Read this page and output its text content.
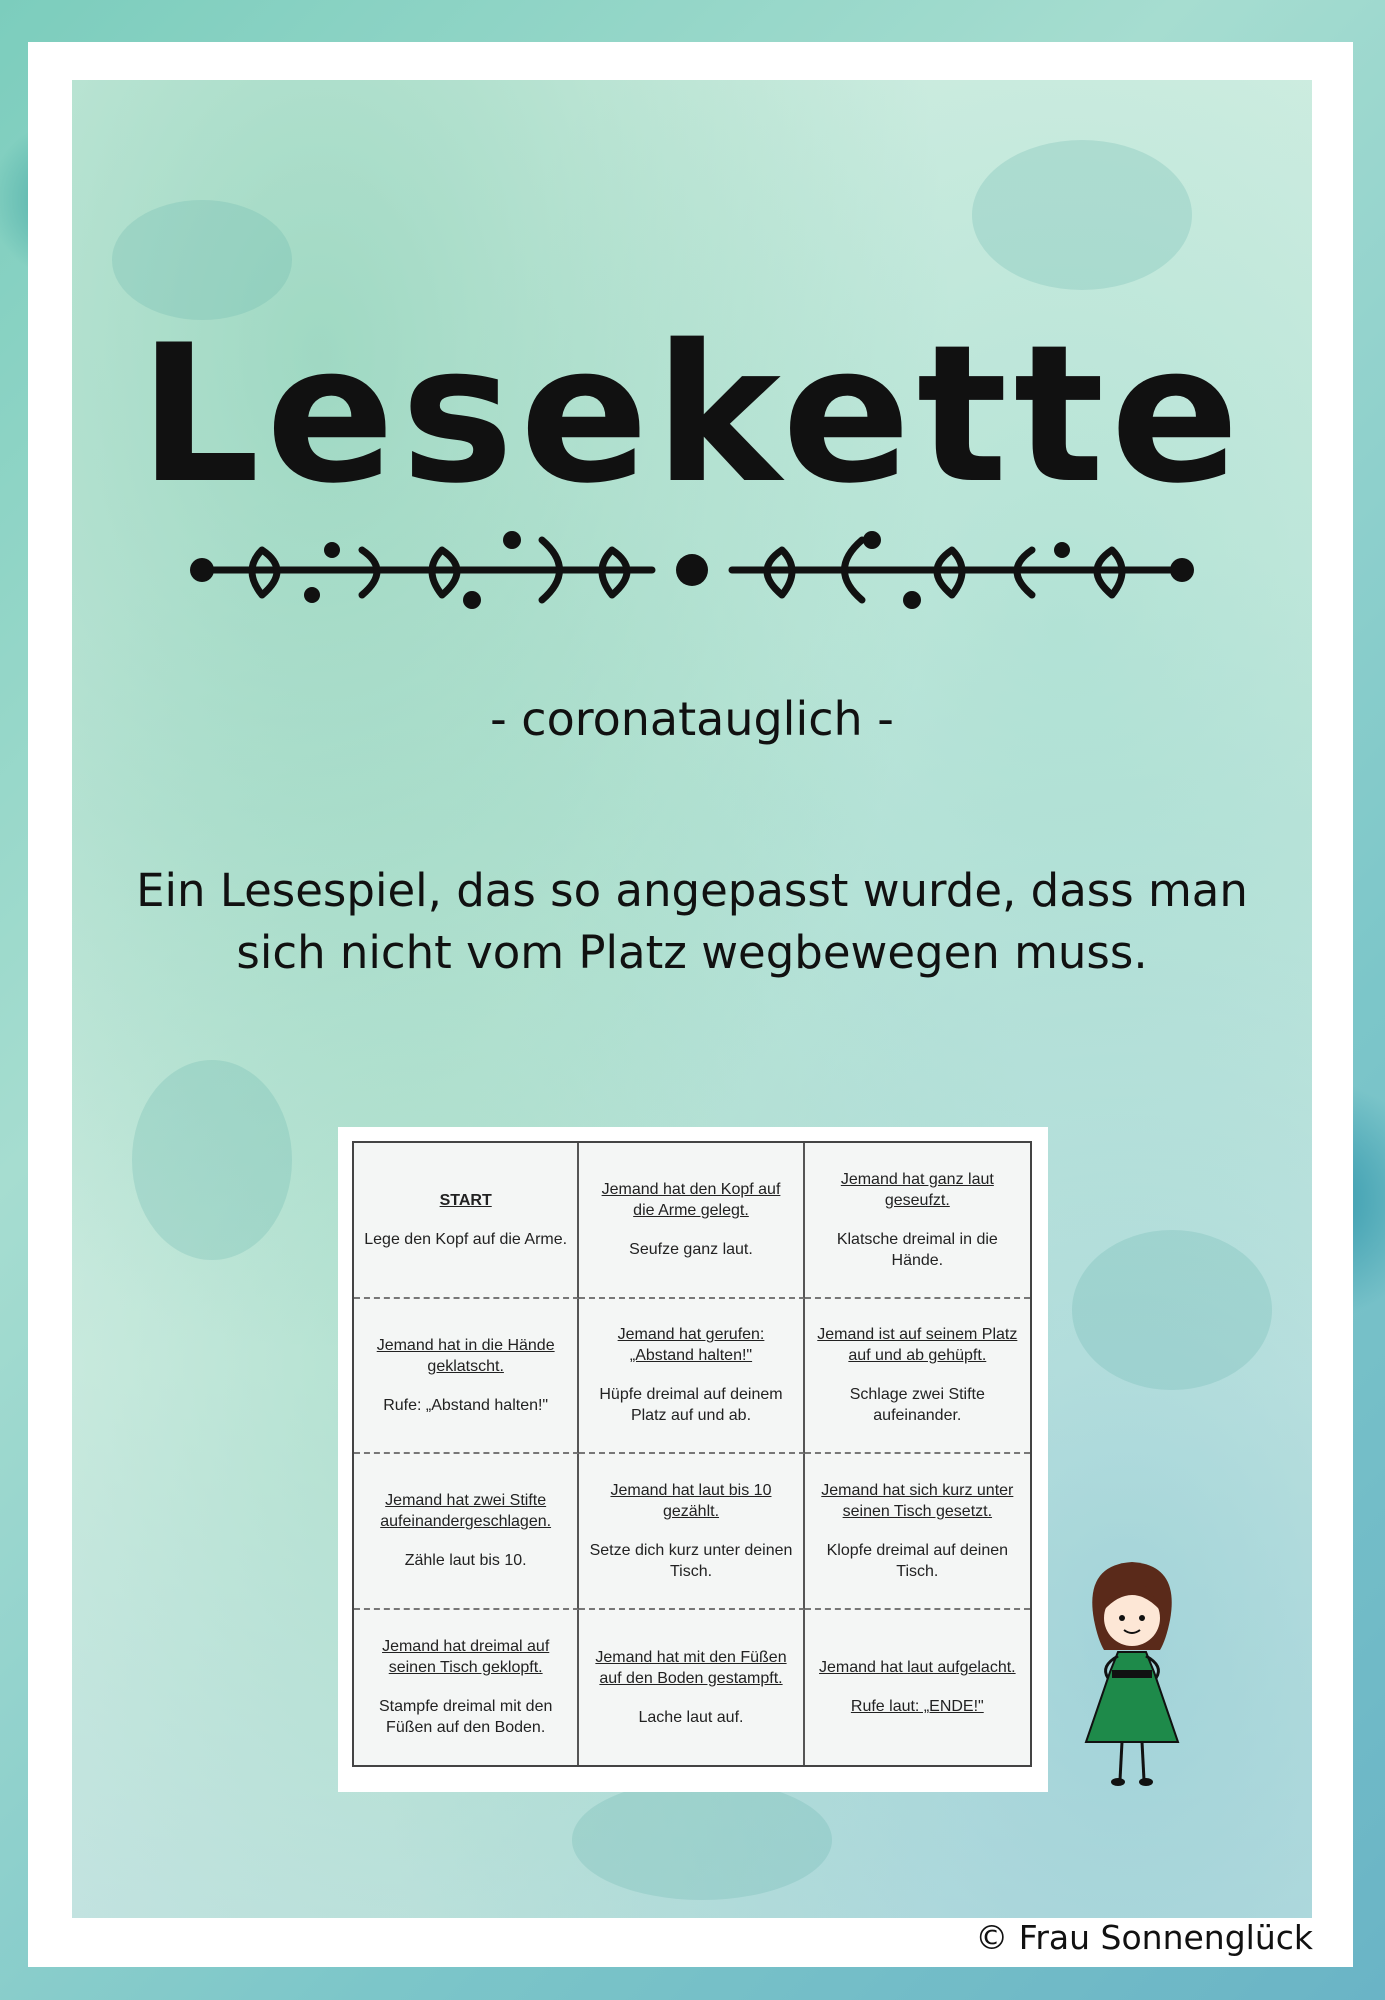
Lesekette
- coronatauglich -
Ein Lesespiel, das so angepasst wurde, dass man sich nicht vom Platz wegbewegen muss.
START
Lege den Kopf auf die Arme.
Jemand hat den Kopf auf die Arme gelegt.
Seufze ganz laut.
Jemand hat ganz laut geseufzt.
Klatsche dreimal in die Hände.
Jemand hat in die Hände geklatscht.
Rufe: „Abstand halten!"
Jemand hat gerufen: „Abstand halten!"
Hüpfe dreimal auf deinem Platz auf und ab.
Jemand ist auf seinem Platz auf und ab gehüpft.
Schlage zwei Stifte aufeinander.
Jemand hat zwei Stifte aufeinandergeschlagen.
Zähle laut bis 10.
Jemand hat laut bis 10 gezählt.
Setze dich kurz unter deinen Tisch.
Jemand hat sich kurz unter seinen Tisch gesetzt.
Klopfe dreimal auf deinen Tisch.
Jemand hat dreimal auf seinen Tisch geklopft.
Stampfe dreimal mit den Füßen auf den Boden.
Jemand hat mit den Füßen auf den Boden gestampft.
Lache laut auf.
Jemand hat laut aufgelacht.
Rufe laut: „ENDE!"
© Frau Sonnenglück
